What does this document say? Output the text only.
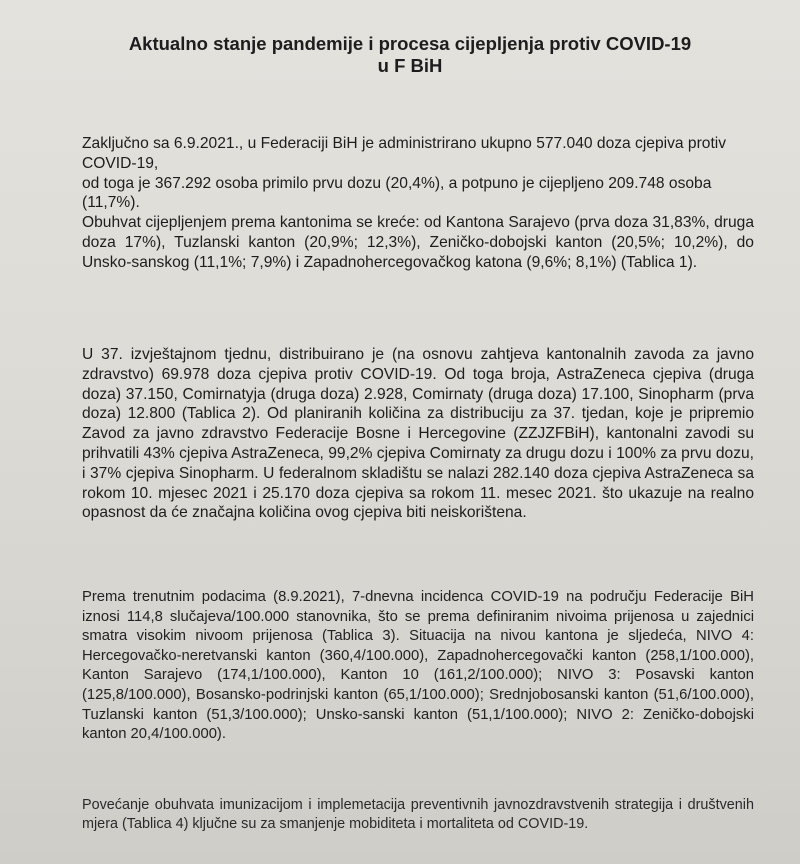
Aktualno stanje pandemije i procesa cijepljenja protiv COVID-19
u F BiH

Zaključno sa 6.9.2021., u Federaciji BiH je administrirano ukupno 577.040 doza cjepiva protiv COVID-19,

od toga je 367.292 osoba primilo prvu dozu (20,4%), a potpuno je cijepljeno 209.748 osoba (11,7%).

Obuhvat cijepljenjem prema kantonima se kreće: od Kantona Sarajevo (prva doza 31,83%, druga doza 17%), Tuzlanski kanton (20,9%; 12,3%), Zeničko-dobojski kanton (20,5%; 10,2%), do Unsko-sanskog (11,1%; 7,9%) i Zapadnohercegovačkog katona (9,6%; 8,1%) (Tablica 1).

U 37. izvještajnom tjednu, distribuirano je (na osnovu zahtjeva kantonalnih zavoda za javno zdravstvo) 69.978 doza cjepiva protiv COVID-19. Od toga broja, AstraZeneca cjepiva (druga doza) 37.150, Comirnatyja (druga doza) 2.928, Comirnaty (druga doza) 17.100, Sinopharm (prva doza) 12.800 (Tablica 2). Od planiranih količina za distribuciju za 37. tjedan, koje je pripremio Zavod za javno zdravstvo Federacije Bosne i Hercegovine (ZZJZFBiH), kantonalni zavodi su prihvatili 43% cjepiva AstraZeneca, 99,2% cjepiva Comirnaty za drugu dozu i 100% za prvu dozu, i 37% cjepiva Sinopharm. U federalnom skladištu se nalazi 282.140 doza cjepiva AstraZeneca sa rokom 10. mjesec 2021 i 25.170 doza cjepiva sa rokom 11. mesec 2021. što ukazuje na realno opasnost da će značajna količina ovog cjepiva biti neiskorištena.
Prema trenutnim podacima (8.9.2021), 7-dnevna incidencа COVID-19 na području Federacije BiH iznosi 114,8 slučajeva/100.000 stanovnika, što se prema definiranim nivoima prijenosa u zajednici smatra visokim nivoom prijenosa (Tablica 3). Situacija na nivou kantona je sljedeća, NIVO 4: Hercegovačko-neretvanski kanton (360,4/100.000), Zapadnohercegovački kanton (258,1/100.000), Kanton Sarajevo (174,1/100.000), Kanton 10 (161,2/100.000); NIVO 3: Posavski kanton (125,8/100.000), Bosansko-podrinjski kanton (65,1/100.000); Srednjobosanski kanton (51,6/100.000), Tuzlanski kanton (51,3/100.000); Unsko-sanski kanton (51,1/100.000); NIVO 2: Zeničko-dobojski kanton 20,4/100.000).
Povećanje obuhvata imunizacijom i implemetacija preventivnih javnozdravstvenih strategija i društvenih mjera (Tablica 4) ključne su za smanjenje mobiditeta i mortaliteta od COVID-19.
